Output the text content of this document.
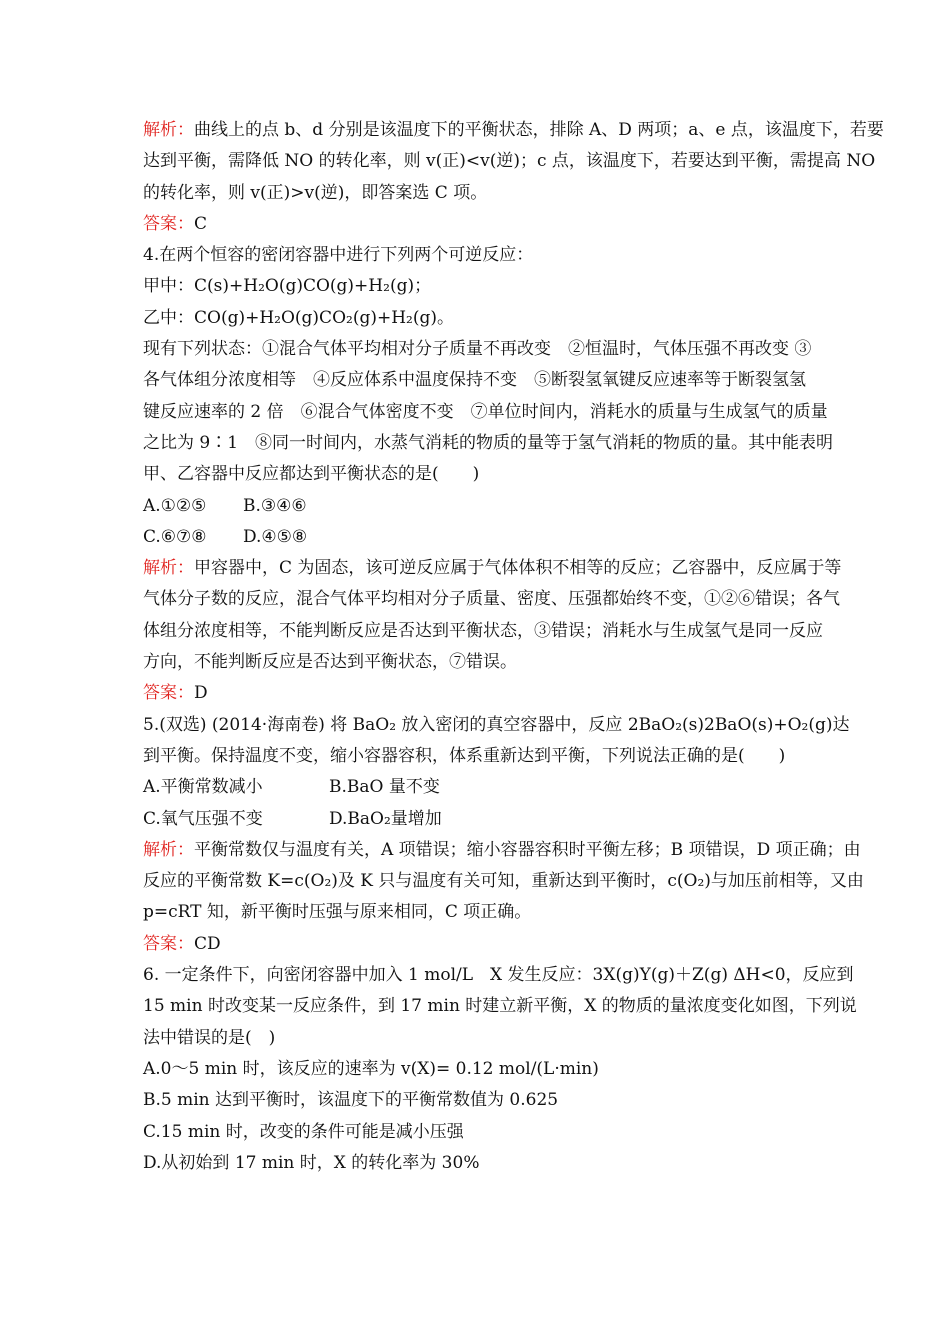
解析：曲线上的点 b、d 分别是该温度下的平衡状态，排除 A、D 两项；a、e 点，该温度下，若要
达到平衡，需降低 NO 的转化率，则 v(正)<v(逆)；c 点，该温度下，若要达到平衡，需提高 NO
的转化率，则 v(正)>v(逆)，即答案选 C 项。
答案：C
4.在两个恒容的密闭容器中进行下列两个可逆反应：
甲中：C(s)+H₂O(g)CO(g)+H₂(g)；
乙中：CO(g)+H₂O(g)CO₂(g)+H₂(g)。
现有下列状态：①混合气体平均相对分子质量不再改变　②恒温时，气体压强不再改变 ③
各气体组分浓度相等　④反应体系中温度保持不变　⑤断裂氢氧键反应速率等于断裂氢氢
键反应速率的 2 倍　⑥混合气体密度不变　⑦单位时间内，消耗水的质量与生成氢气的质量
之比为 9∶1　⑧同一时间内，水蒸气消耗的物质的量等于氢气消耗的物质的量。其中能表明
甲、乙容器中反应都达到平衡状态的是(　　)
A.①②⑤ B.③④⑥
C.⑥⑦⑧ D.④⑤⑧
解析：甲容器中，C 为固态，该可逆反应属于气体体积不相等的反应；乙容器中，反应属于等
气体分子数的反应，混合气体平均相对分子质量、密度、压强都始终不变，①②⑥错误；各气
体组分浓度相等，不能判断反应是否达到平衡状态，③错误；消耗水与生成氢气是同一反应
方向，不能判断反应是否达到平衡状态，⑦错误。
答案：D
5.(双选) (2014·海南卷) 将 BaO₂ 放入密闭的真空容器中，反应 2BaO₂(s)2BaO(s)+O₂(g)达
到平衡。保持温度不变，缩小容器容积，体系重新达到平衡，下列说法正确的是(　　)
A.平衡常数减小	B.BaO 量不变
C.氧气压强不变	D.BaO₂量增加
解析：平衡常数仅与温度有关，A 项错误；缩小容器容积时平衡左移；B 项错误，D 项正确；由
反应的平衡常数 K=c(O₂)及 K 只与温度有关可知，重新达到平衡时，c(O₂)与加压前相等，又由
p=cRT 知，新平衡时压强与原来相同，C 项正确。
答案：CD
6. 一定条件下，向密闭容器中加入 1 mol/L　X 发生反应：3X(g)Y(g)＋Z(g) ΔH<0，反应到
15 min 时改变某一反应条件，到 17 min 时建立新平衡，X 的物质的量浓度变化如图，下列说
法中错误的是(　)
A.0～5 min 时，该反应的速率为 v(X)= 0.12 mol/(L·min)
B.5 min 达到平衡时，该温度下的平衡常数值为 0.625
C.15 min 时，改变的条件可能是减小压强
D.从初始到 17 min 时，X 的转化率为 30%
